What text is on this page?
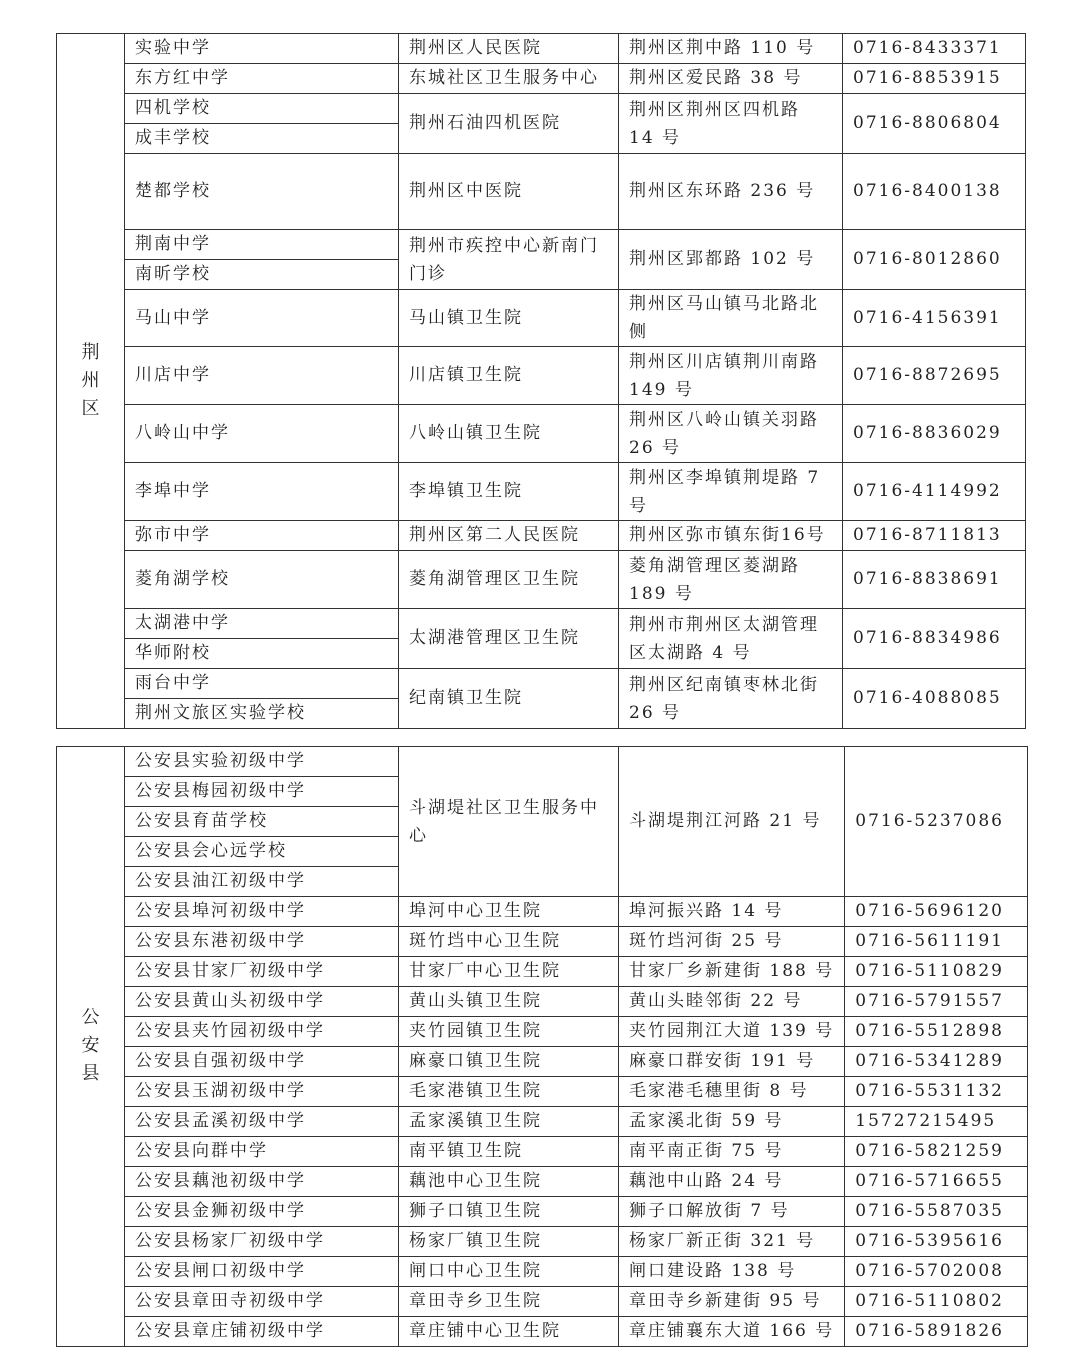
荆州区	实验中学	荆州区人民医院	荆州区荆中路 110 号	0716-8433371
	东方红中学	东城社区卫生服务中心	荆州区爱民路 38 号	0716-8853915
	四机学校	荆州石油四机医院	荆州区荆州区四机路 14 号	0716-8806804
	成丰学校			
	楚都学校	荆州区中医院	荆州区东环路 236 号	0716-8400138
	荆南中学	荆州市疾控中心新南门门诊	荆州区郢都路 102 号	0716-8012860
	南昕学校			
	马山中学	马山镇卫生院	荆州区马山镇马北路北侧	0716-4156391
	川店中学	川店镇卫生院	荆州区川店镇荆川南路 149 号	0716-8872695
	八岭山中学	八岭山镇卫生院	荆州区八岭山镇关羽路 26 号	0716-8836029
	李埠中学	李埠镇卫生院	荆州区李埠镇荆堤路 7 号	0716-4114992
	弥市中学	荆州区第二人民医院	荆州区弥市镇东街16号	0716-8711813
	菱角湖学校	菱角湖管理区卫生院	菱角湖管理区菱湖路 189 号	0716-8838691
	太湖港中学	太湖港管理区卫生院	荆州市荆州区太湖管理区太湖路 4 号	0716-8834986
	华师附校			
	雨台中学	纪南镇卫生院	荆州区纪南镇枣林北街 26 号	0716-4088085
	荆州文旅区实验学校			
公安县	公安县实验初级中学	斗湖堤社区卫生服务中心	斗湖堤荆江河路 21 号	0716-5237086
	公安县梅园初级中学			
	公安县育苗学校			
	公安县会心远学校			
	公安县油江初级中学			
	公安县埠河初级中学	埠河中心卫生院	埠河振兴路 14 号	0716-5696120
	公安县东港初级中学	斑竹垱中心卫生院	斑竹垱河街 25 号	0716-5611191
	公安县甘家厂初级中学	甘家厂中心卫生院	甘家厂乡新建街 188 号	0716-5110829
	公安县黄山头初级中学	黄山头镇卫生院	黄山头睦邻街 22 号	0716-5791557
	公安县夹竹园初级中学	夹竹园镇卫生院	夹竹园荆江大道 139 号	0716-5512898
	公安县自强初级中学	麻豪口镇卫生院	麻豪口群安街 191 号	0716-5341289
	公安县玉湖初级中学	毛家港镇卫生院	毛家港毛穗里街 8 号	0716-5531132
	公安县孟溪初级中学	孟家溪镇卫生院	孟家溪北街 59 号	15727215495
	公安县向群中学	南平镇卫生院	南平南正街 75 号	0716-5821259
	公安县藕池初级中学	藕池中心卫生院	藕池中山路 24 号	0716-5716655
	公安县金狮初级中学	狮子口镇卫生院	狮子口解放街 7 号	0716-5587035
	公安县杨家厂初级中学	杨家厂镇卫生院	杨家厂新正街 321 号	0716-5395616
	公安县闸口初级中学	闸口中心卫生院	闸口建设路 138 号	0716-5702008
	公安县章田寺初级中学	章田寺乡卫生院	章田寺乡新建街 95 号	0716-5110802
	公安县章庄铺初级中学	章庄铺中心卫生院	章庄铺襄东大道 166 号	0716-5891826
